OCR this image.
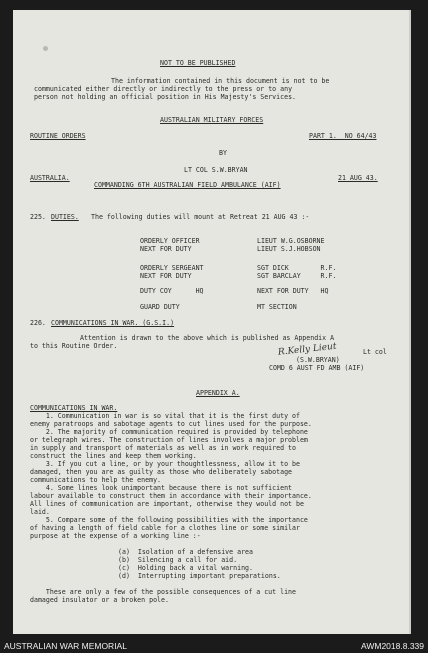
NOT TO BE PUBLISHED
The information contained in this document is not to be
communicated either directly or indirectly to the press or to any
person not holding an official position in His Majesty's Services.
AUSTRALIAN MILITARY FORCES
ROUTINE ORDERS	PART 1.  NO 64/43
BY
LT COL S.W.BRYAN
AUSTRALIA.
COMMANDING 6TH AUSTRALIAN FIELD AMBULANCE (AIF)
21 AUG 43.
225. DUTIES. The following duties will mount at Retreat 21 AUG 43 :-
ORDERLY OFFICER	LIEUT W.G.OSBORNE
NEXT FOR DUTY	LIEUT S.J.HOBSON
ORDERLY SERGEANT	SGT DICK        R.F.
NEXT FOR DUTY	SGT BARCLAY     R.F.
DUTY COY      HQ	NEXT FOR DUTY   HQ
GUARD DUTY	MT SECTION
226. COMMUNICATIONS IN WAR. (G.S.I.)
Attention is drawn to the above which is published as Appendix A
to this Routine Order.	R.Kelly Lieut	Lt col
(S.W.BRYAN)
COMD 6 AUST FD AMB (AIF)
APPENDIX A.
COMMUNICATIONS IN WAR.
1. Communication in war is so vital that it is the first duty of
enemy paratroops and sabotage agents to cut lines used for the purpose.
2. The majority of communication required is provided by telephone
or telegraph wires. The construction of lines involves a major problem
in supply and transport of materials as well as in work required to
construct the lines and keep them working.
3. If you cut a line, or by your thoughtlessness, allow it to be
damaged, then you are as guilty as those who deliberately sabotage
communications to help the enemy.
4. Some lines look unimportant because there is not sufficient
labour available to construct them in accordance with their importance.
All lines of communication are important, otherwise they would not be
laid.
5. Compare some of the following possibilities with the importance
of having a length of field cable for a clothes line or some similar
purpose at the expense of a working line :-
(a)  Isolation of a defensive area
(b)  Silencing a call for aid.
(c)  Holding back a vital warning.
(d)  Interrupting important preparations.
These are only a few of the possible consequences of a cut line
damaged insulator or a broken pole.
AUSTRALIAN WAR MEMORIAL	AWM2018.8.339
